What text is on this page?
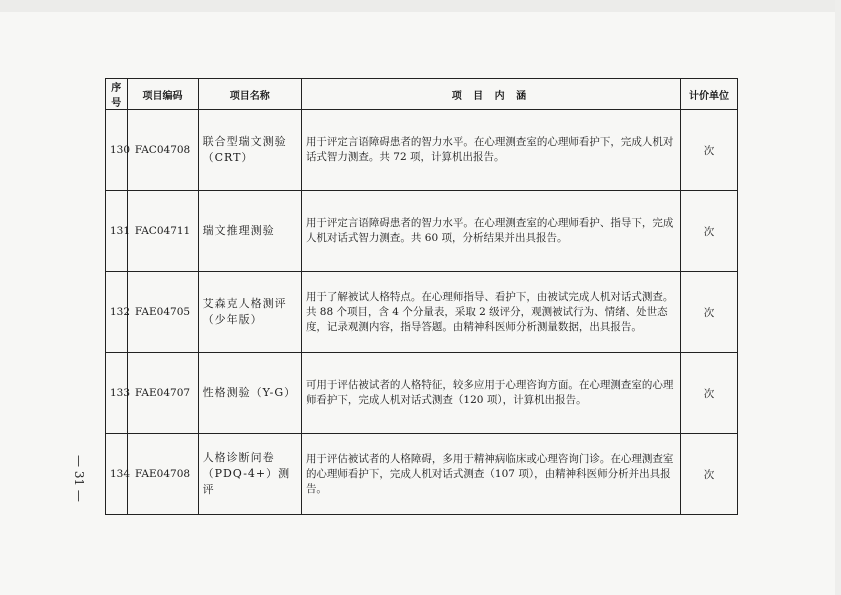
序号	项目编码	项目名称	项 目 内 涵	计价单位
130	FAC04708	联合型瑞文测验（CRT）	用于评定言语障碍患者的智力水平。在心理测查室的心理师看护下，完成人机对话式智力测查。共 72 项，计算机出报告。	次
131	FAC04711	瑞文推理测验	用于评定言语障碍患者的智力水平。在心理测查室的心理师看护、指导下，完成人机对话式智力测查。共 60 项，分析结果并出具报告。	次
132	FAE04705	艾森克人格测评（少年版）	用于了解被试人格特点。在心理师指导、看护下，由被试完成人机对话式测查。共 88 个项目，含 4 个分量表，采取 2 级评分，观测被试行为、情绪、处世态度，记录观测内容，指导答题。由精神科医师分析测量数据，出具报告。	次
133	FAE04707	性格测验（Y-G）	可用于评估被试者的人格特征，较多应用于心理咨询方面。在心理测查室的心理师看护下，完成人机对话式测查（120 项），计算机出报告。	次
134	FAE04708	人格诊断问卷（PDQ-4+）测评	用于评估被试者的人格障碍，多用于精神病临床或心理咨询门诊。在心理测查室的心理师看护下，完成人机对话式测查（107 项），由精神科医师分析并出具报告。	次
— 31 —
